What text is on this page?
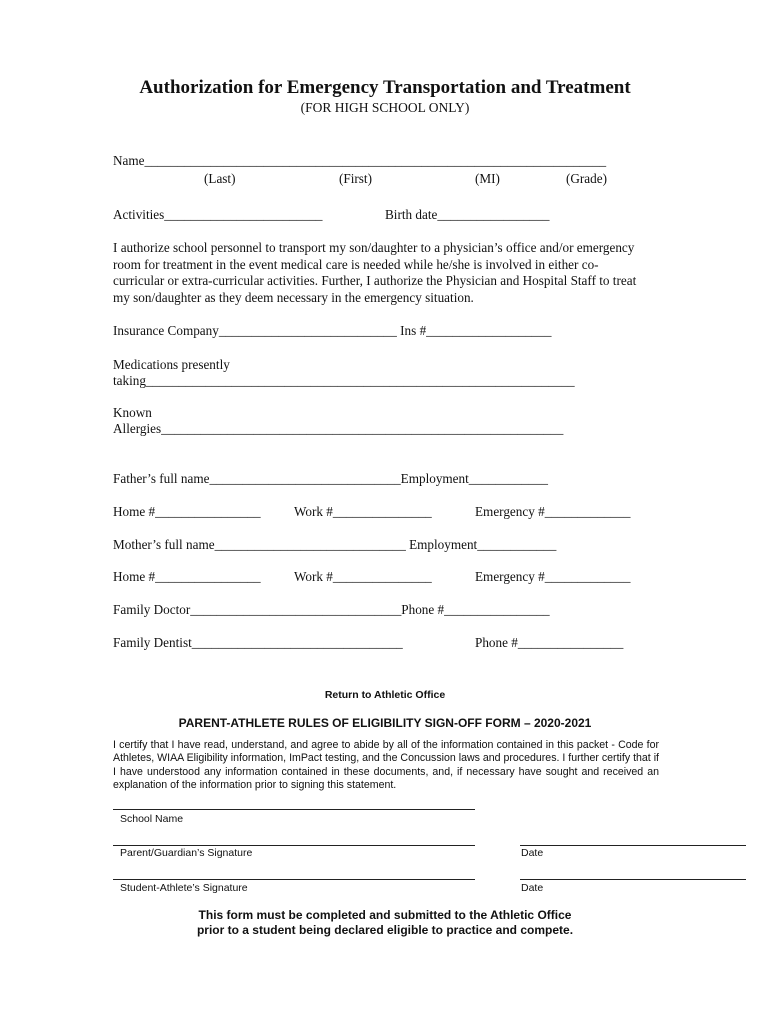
Authorization for Emergency Transportation and Treatment
(FOR HIGH SCHOOL ONLY)
Name______________________________________________________________________
(Last)	(First)	(MI)	(Grade)
Activities________________________	Birth date_________________
I authorize school personnel to transport my son/daughter to a physician’s office and/or emergency room for treatment in the event medical care is needed while he/she is involved in either co-curricular or extra-curricular activities. Further, I authorize the Physician and Hospital Staff to treat my son/daughter as they deem necessary in the emergency situation.
Insurance Company___________________________ Ins #___________________
Medications presently
taking_________________________________________________________________
Known
Allergies_____________________________________________________________
Father’s full name_____________________________Employment____________
Home #________________	Work #_______________	Emergency #_____________
Mother’s full name_____________________________ Employment____________
Home #________________	Work #_______________	Emergency #_____________
Family Doctor________________________________Phone #________________
Family Dentist________________________________	Phone #________________
Return to Athletic Office
PARENT-ATHLETE RULES OF ELIGIBILITY SIGN-OFF FORM – 2020-2021
I certify that I have read, understand, and agree to abide by all of the information contained in this packet - Code for Athletes, WIAA Eligibility information, ImPact testing, and the Concussion laws and procedures. I further certify that if I have understood any information contained in these documents, and, if necessary have sought and received an explanation of the information prior to signing this statement.
School Name
Parent/Guardian’s Signature	Date
Student-Athlete’s Signature	Date
This form must be completed and submitted to the Athletic Office
prior to a student being declared eligible to practice and compete.
